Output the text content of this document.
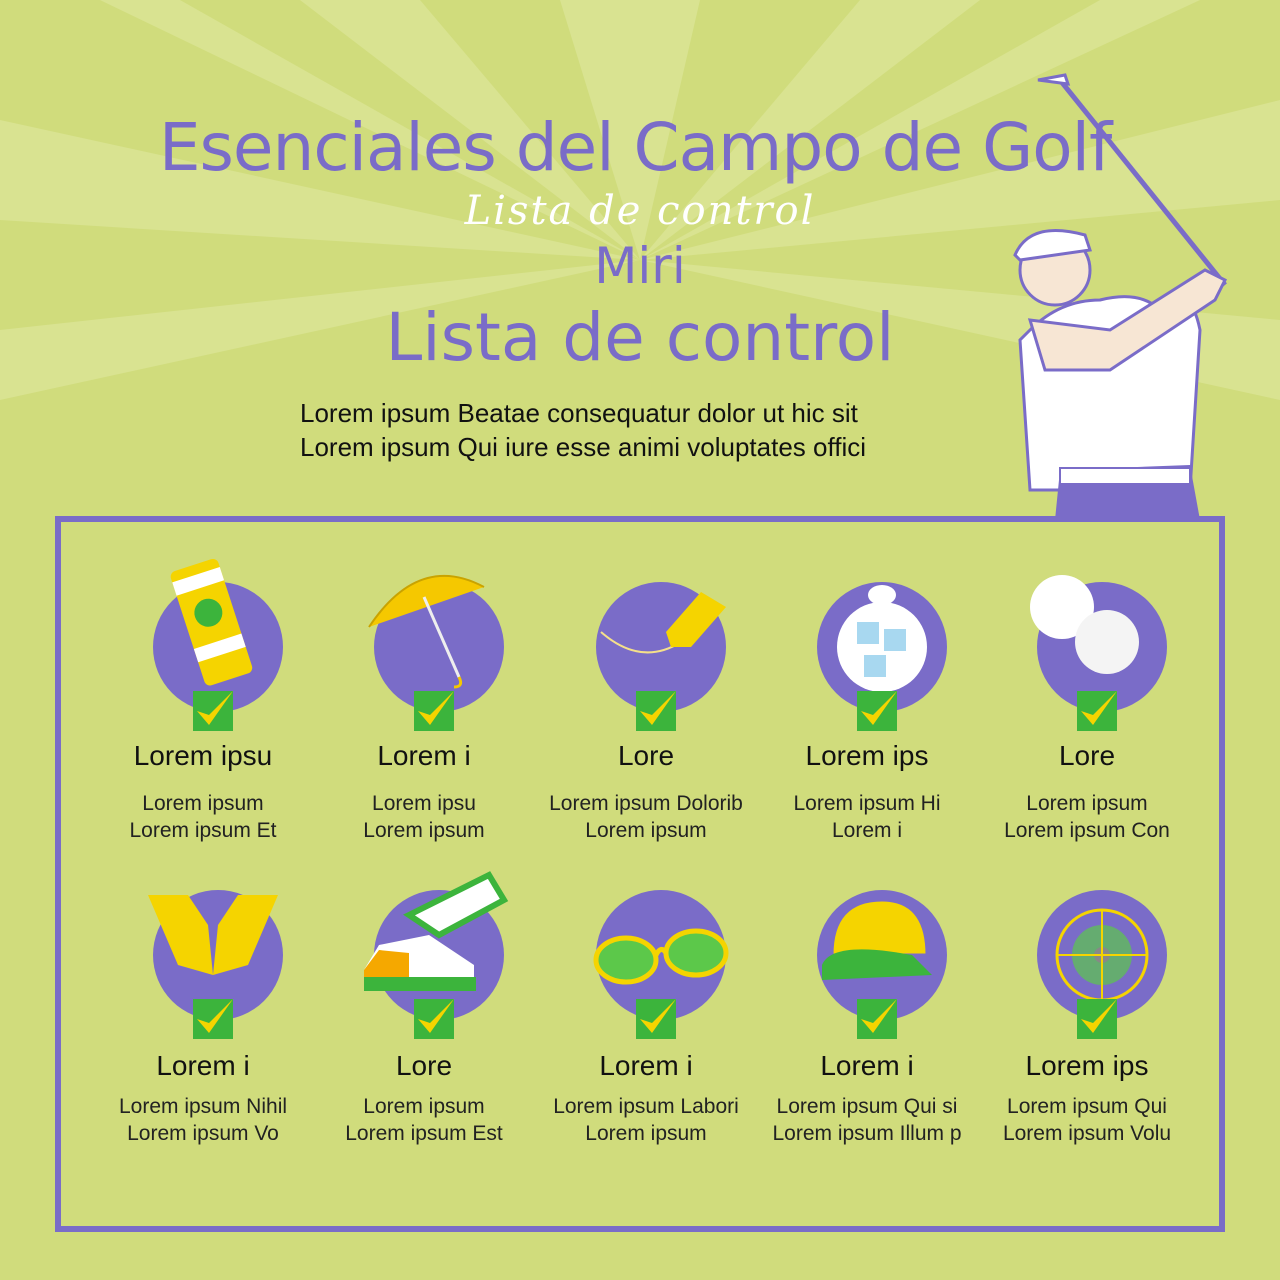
Esenciales del Campo de Golf
Lista de control
Miri
Lista de control
Lorem ipsum Beatae consequatur dolor ut hic sit
Lorem ipsum Qui iure esse animi voluptates offici
Lorem ipsu
Lorem ipsum
Lorem ipsum Et
Lorem i
Lorem ipsu
Lorem ipsum
Lore
Lorem ipsum Dolorib
Lorem ipsum
Lorem ips
Lorem ipsum Hi
Lorem i
Lore
Lorem ipsum
Lorem ipsum Con
Lorem i
Lorem ipsum Nihil
Lorem ipsum Vo
Lore
Lorem ipsum
Lorem ipsum Est
Lorem i
Lorem ipsum Labori
Lorem ipsum
Lorem i
Lorem ipsum Qui si
Lorem ipsum Illum p
Lorem ips
Lorem ipsum Qui
Lorem ipsum Volu
